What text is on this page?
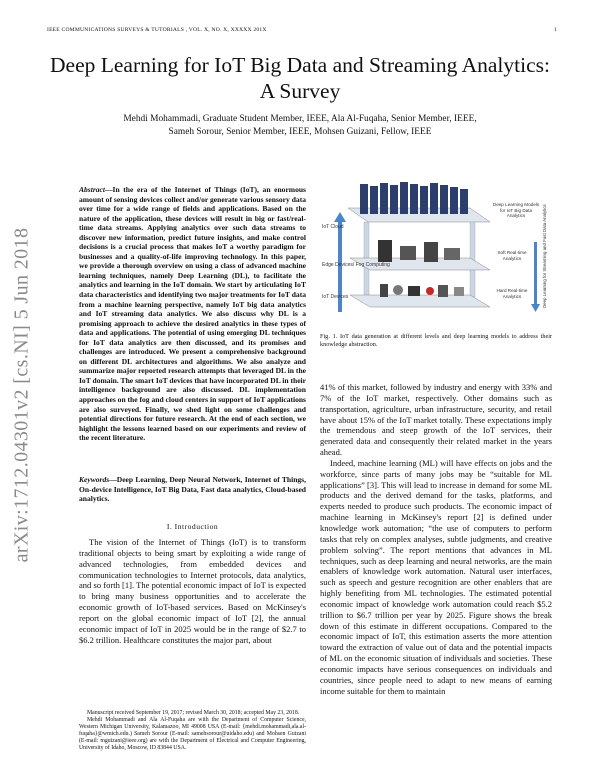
IEEE COMMUNICATIONS SURVEYS & TUTORIALS , VOL. X, NO. X, XXXXX 201X	1
arXiv:1712.04301v2 [cs.NI] 5 Jun 2018
Deep Learning for IoT Big Data and Streaming Analytics: A Survey
Mehdi Mohammadi, Graduate Student Member, IEEE, Ala Al-Fuqaha, Senior Member, IEEE,
Sameh Sorour, Senior Member, IEEE, Mohsen Guizani, Fellow, IEEE

Abstract—In the era of the Internet of Things (IoT), an enormous amount of sensing devices collect and/or generate various sensory data over time for a wide range of fields and applications. Based on the nature of the application, these devices will result in big or fast/real-time data streams. Applying analytics over such data streams to discover new information, predict future insights, and make control decisions is a crucial process that makes IoT a worthy paradigm for businesses and a quality-of-life improving technology. In this paper, we provide a thorough overview on using a class of advanced machine learning techniques, namely Deep Learning (DL), to facilitate the analytics and learning in the IoT domain. We start by articulating IoT data characteristics and identifying two major treatments for IoT data from a machine learning perspective, namely IoT big data analytics and IoT streaming data analytics. We also discuss why DL is a promising approach to achieve the desired analytics in these types of data and applications. The potential of using emerging DL techniques for IoT data analytics are then discussed, and its promises and challenges are introduced. We present a comprehensive background on different DL architectures and algorithms. We also analyze and summarize major reported research attempts that leveraged DL in the IoT domain. The smart IoT devices that have incorporated DL in their intelligence background are also discussed. DL implementation approaches on the fog and cloud centers in support of IoT applications are also surveyed. Finally, we shed light on some challenges and potential directions for future research. At the end of each section, we highlight the lessons learned based on our experiments and review of the recent literature.

Keywords—Deep Learning, Deep Neural Network, Internet of Things, On-device Intelligence, IoT Big Data, Fast data analytics, Cloud-based analytics.

I. Introduction

The vision of the Internet of Things (IoT) is to transform traditional objects to being smart by exploiting a wide range of advanced technologies, from embedded devices and communication technologies to Internet protocols, data analytics, and so forth [1]. The potential economic impact of IoT is expected to bring many business opportunities and to accelerate the economic growth of IoT-based services. Based on McKinsey's report on the global economic impact of IoT [2], the annual economic impact of IoT in 2025 would be in the range of $2.7 to $6.2 trillion. Healthcare constitutes the major part, about

Manuscript received September 19, 2017; revised March 30, 2018; accepted May 23, 2018.

Mehdi Mohammadi and Ala Al-Fuqaha are with the Department of Computer Science, Western Michigan University, Kalamazoo, MI 49008 USA (E-mail: {mehdi.mohammadi,ala.al-fuqaha}@wmich.edu.) Sameh Sorour (E-mail: samehsorour@uidaho.edu) and Mohsen Guizani (E-mail: mguizani@ieee.org) are with the Department of Electrical and Computer Engineering, University of Idaho, Moscow, ID 83844 USA.

IoT Cloud
Edge Devices/ Fog Computing
IoT Devices
Deep Learning Models for IoT Big Data Analytics
Soft Real-time Analytics
Hard Real-time Analytics	Deep Learning for Streaming and Fast Data Analytics

Fig. 1. IoT data generation at different levels and deep learning models to address their knowledge abstraction.

41% of this market, followed by industry and energy with 33% and 7% of the IoT market, respectively. Other domains such as transportation, agriculture, urban infrastructure, security, and retail have about 15% of the IoT market totally. These expectations imply the tremendous and steep growth of the IoT services, their generated data and consequently their related market in the years ahead.

Indeed, machine learning (ML) will have effects on jobs and the workforce, since parts of many jobs may be “suitable for ML applications” [3]. This will lead to increase in demand for some ML products and the derived demand for the tasks, platforms, and experts needed to produce such products. The economic impact of machine learning in McKinsey's report [2] is defined under knowledge work automation; “the use of computers to perform tasks that rely on complex analyses, subtle judgments, and creative problem solving”. The report mentions that advances in ML techniques, such as deep learning and neural networks, are the main enablers of knowledge work automation. Natural user interfaces, such as speech and gesture recognition are other enablers that are highly benefiting from ML technologies. The estimated potential economic impact of knowledge work automation could reach $5.2 trillion to $6.7 trillion per year by 2025. Figure shows the break down of this estimate in different occupations. Compared to the economic impact of IoT, this estimation asserts the more attention toward the extraction of value out of data and the potential impacts of ML on the economic situation of individuals and societies. These economic impacts have serious consequences on individuals and countries, since people need to adapt to new means of earning income suitable for them to maintain
